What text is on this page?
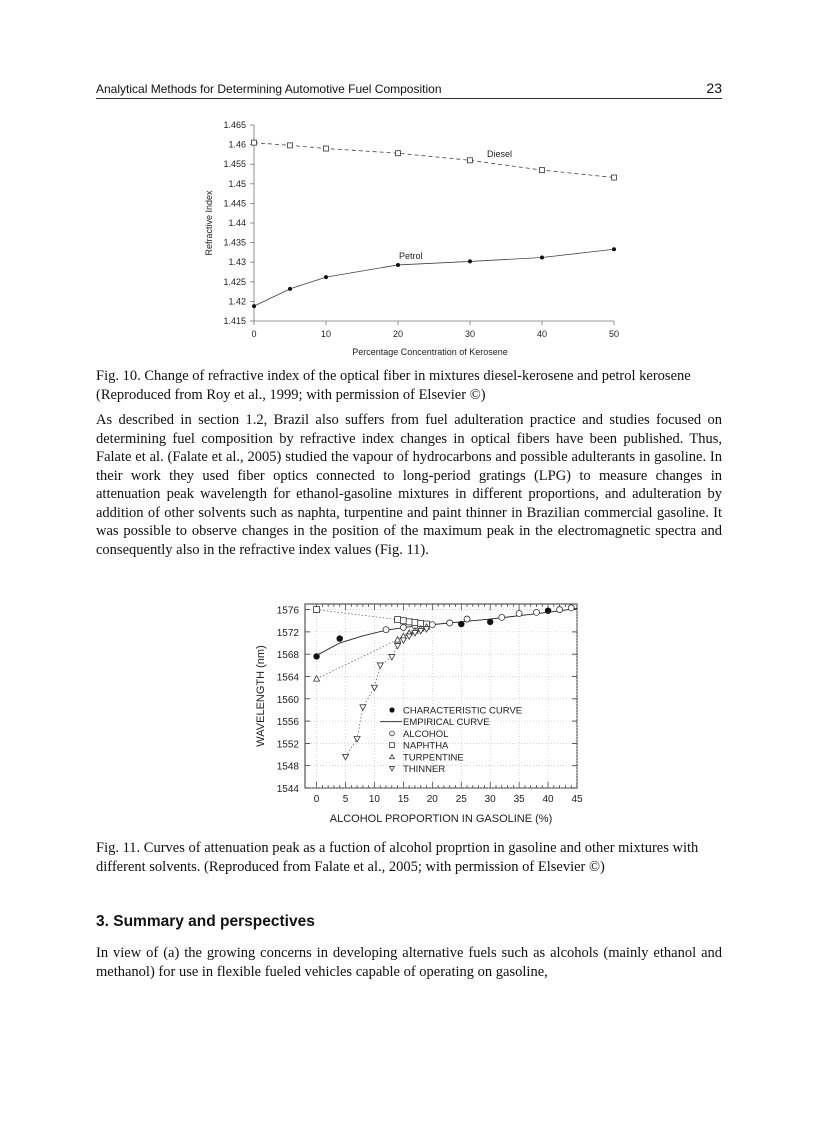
Analytical Methods for Determining Automotive Fuel Composition	23
1.465
1.46
1.455
1.45
1.445
1.44
1.435
1.43
1.425
1.42
1.415
0	10	20	30	40	50
Diesel
Petrol
Percentage Concentration of Kerosene
Refractive Index

Fig. 10. Change of refractive index of the optical fiber in mixtures diesel-kerosene and petrol kerosene (Reproduced from Roy et al., 1999; with permission of Elsevier ©)

As described in section 1.2, Brazil also suffers from fuel adulteration practice and studies focused on determining fuel composition by refractive index changes in optical fibers have been published. Thus, Falate et al. (Falate et al., 2005) studied the vapour of hydrocarbons and possible adulterants in gasoline. In their work they used fiber optics connected to long-period gratings (LPG) to measure changes in attenuation peak wavelength for ethanol-gasoline mixtures in different proportions, and adulteration by addition of other solvents such as naphta, turpentine and paint thinner in Brazilian commercial gasoline. It was possible to observe changes in the position of the maximum peak in the electromagnetic spectra and consequently also in the refractive index values (Fig. 11).

1576
1572
1568
1564
1560
1556
1552
1548
1544
0 5 10 15 20 25 30 35 40 45
CHARACTERISTIC CURVE
EMPIRICAL CURVE
ALCOHOL
NAPHTHA
TURPENTINE
THINNER
ALCOHOL PROPORTION IN GASOLINE (%)
WAVELENGTH (nm)

Fig. 11. Curves of attenuation peak as a fuction of alcohol proprtion in gasoline and other mixtures with different solvents. (Reproduced from Falate et al., 2005; with permission of Elsevier ©)

3. Summary and perspectives

In view of (a) the growing concerns in developing alternative fuels such as alcohols (mainly ethanol and methanol) for use in flexible fueled vehicles capable of operating on gasoline,
